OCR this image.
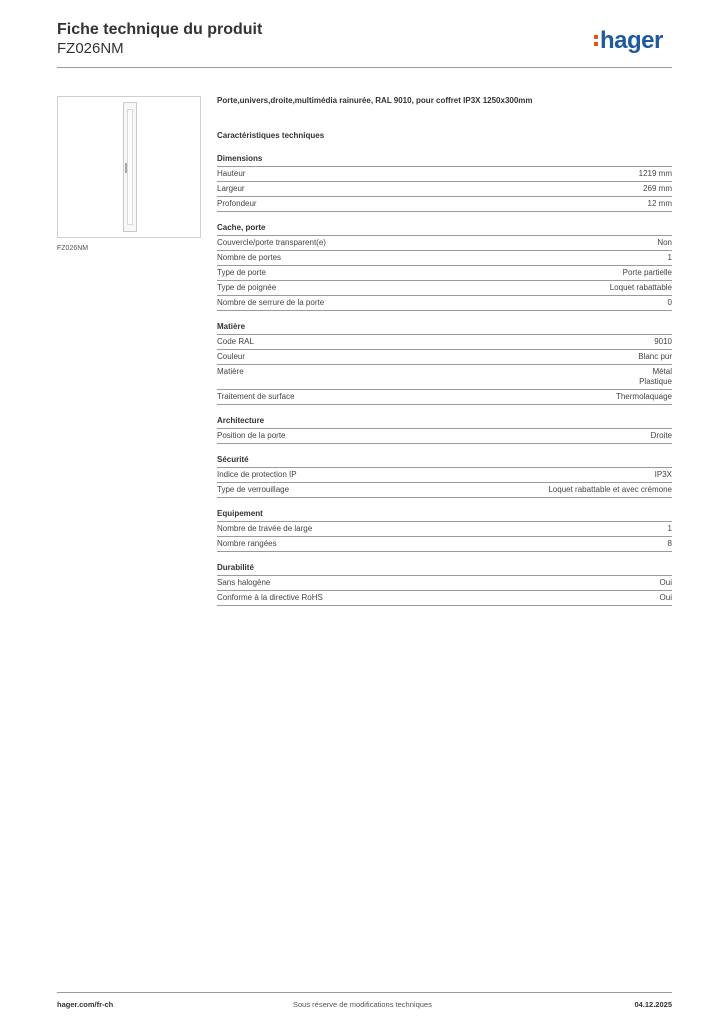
Fiche technique du produit
FZ026NM	hager
FZ026NM
Porte,univers,droite,multimédia rainurée, RAL 9010, pour coffret IP3X 1250x300mm
Caractéristiques techniques
Dimensions
Hauteur	1219 mm
Largeur	269 mm
Profondeur	12 mm
Cache, porte
Couvercle/porte transparent(e)	Non
Nombre de portes	1
Type de porte	Porte partielle
Type de poignée	Loquet rabattable
Nombre de serrure de la porte	0
Matière
Code RAL	9010
Couleur	Blanc pur
Matière	Métal
Plastique
Traitement de surface	Thermolaquage
Architecture
Position de la porte	Droite
Sécurité
Indice de protection IP	IP3X
Type de verrouillage	Loquet rabattable et avec crémone
Equipement
Nombre de travée de large	1
Nombre rangées	8
Durabilité
Sans halogène	Oui
Conforme à la directive RoHS	Oui
hager.com/fr-ch	Sous réserve de modifications techniques	04.12.2025
